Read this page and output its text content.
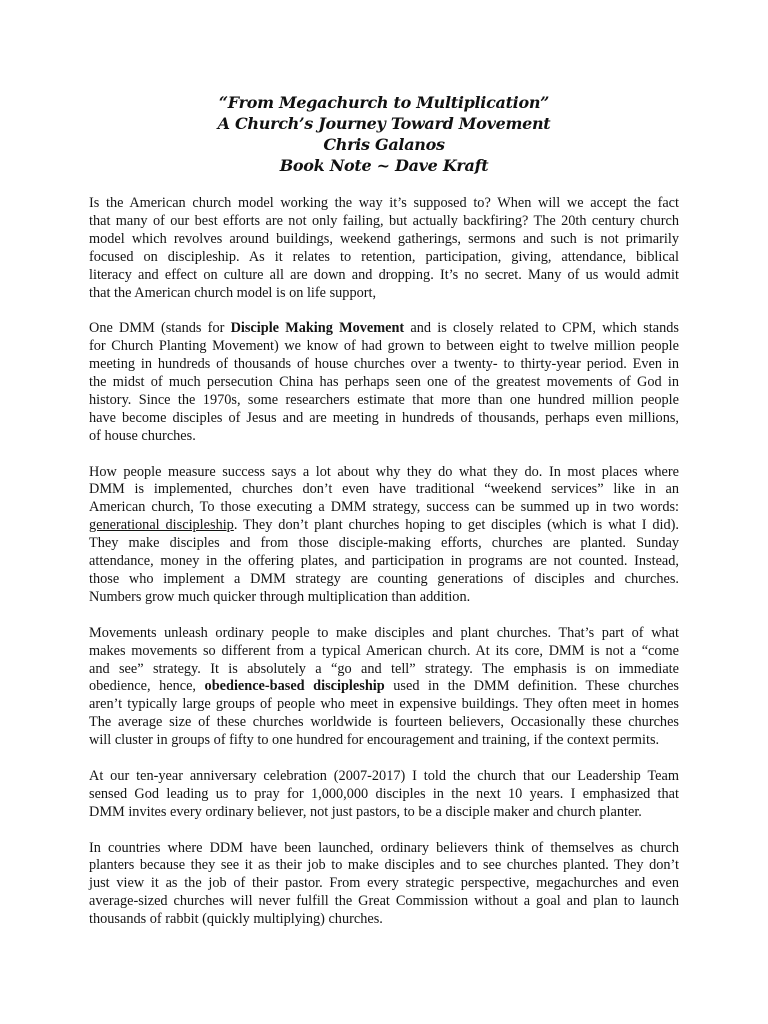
“From Megachurch to Multiplication”
A Church’s Journey Toward Movement
Chris Galanos
Book Note ~ Dave Kraft
Is the American church model working the way it’s supposed to? When will we accept the fact
that many of our best efforts are not only failing, but actually backfiring? The 20th century church
model which revolves around buildings, weekend gatherings, sermons and such is not primarily
focused on discipleship. As it relates to retention, participation, giving, attendance, biblical
literacy and effect on culture all are down and dropping. It’s no secret. Many of us would admit
that the American church model is on life support,
One DMM (stands for Disciple Making Movement and is closely related to CPM, which stands
for Church Planting Movement) we know of had grown to between eight to twelve million people
meeting in hundreds of thousands of house churches over a twenty- to thirty-year period. Even in
the midst of much persecution China has perhaps seen one of the greatest movements of God in
history. Since the 1970s, some researchers estimate that more than one hundred million people
have become disciples of Jesus and are meeting in hundreds of thousands, perhaps even millions,
of house churches.
How people measure success says a lot about why they do what they do. In most places where
DMM is implemented, churches don’t even have traditional “weekend services” like in an
American church, To those executing a DMM strategy, success can be summed up in two words:
generational discipleship. They don’t plant churches hoping to get disciples (which is what I did).
They make disciples and from those disciple-making efforts, churches are planted. Sunday
attendance, money in the offering plates, and participation in programs are not counted. Instead,
those who implement a DMM strategy are counting generations of disciples and churches.
Numbers grow much quicker through multiplication than addition.
Movements unleash ordinary people to make disciples and plant churches. That’s part of what
makes movements so different from a typical American church. At its core, DMM is not a “come
and see” strategy. It is absolutely a “go and tell” strategy. The emphasis is on immediate
obedience, hence, obedience-based discipleship used in the DMM definition. These churches
aren’t typically large groups of people who meet in expensive buildings. They often meet in homes
The average size of these churches worldwide is fourteen believers, Occasionally these churches
will cluster in groups of fifty to one hundred for encouragement and training, if the context permits.
At our ten-year anniversary celebration (2007-2017) I told the church that our Leadership Team
sensed God leading us to pray for 1,000,000 disciples in the next 10 years. I emphasized that
DMM invites every ordinary believer, not just pastors, to be a disciple maker and church planter.
In countries where DDM have been launched, ordinary believers think of themselves as church
planters because they see it as their job to make disciples and to see churches planted. They don’t
just view it as the job of their pastor. From every strategic perspective, megachurches and even
average-sized churches will never fulfill the Great Commission without a goal and plan to launch
thousands of rabbit (quickly multiplying) churches.
